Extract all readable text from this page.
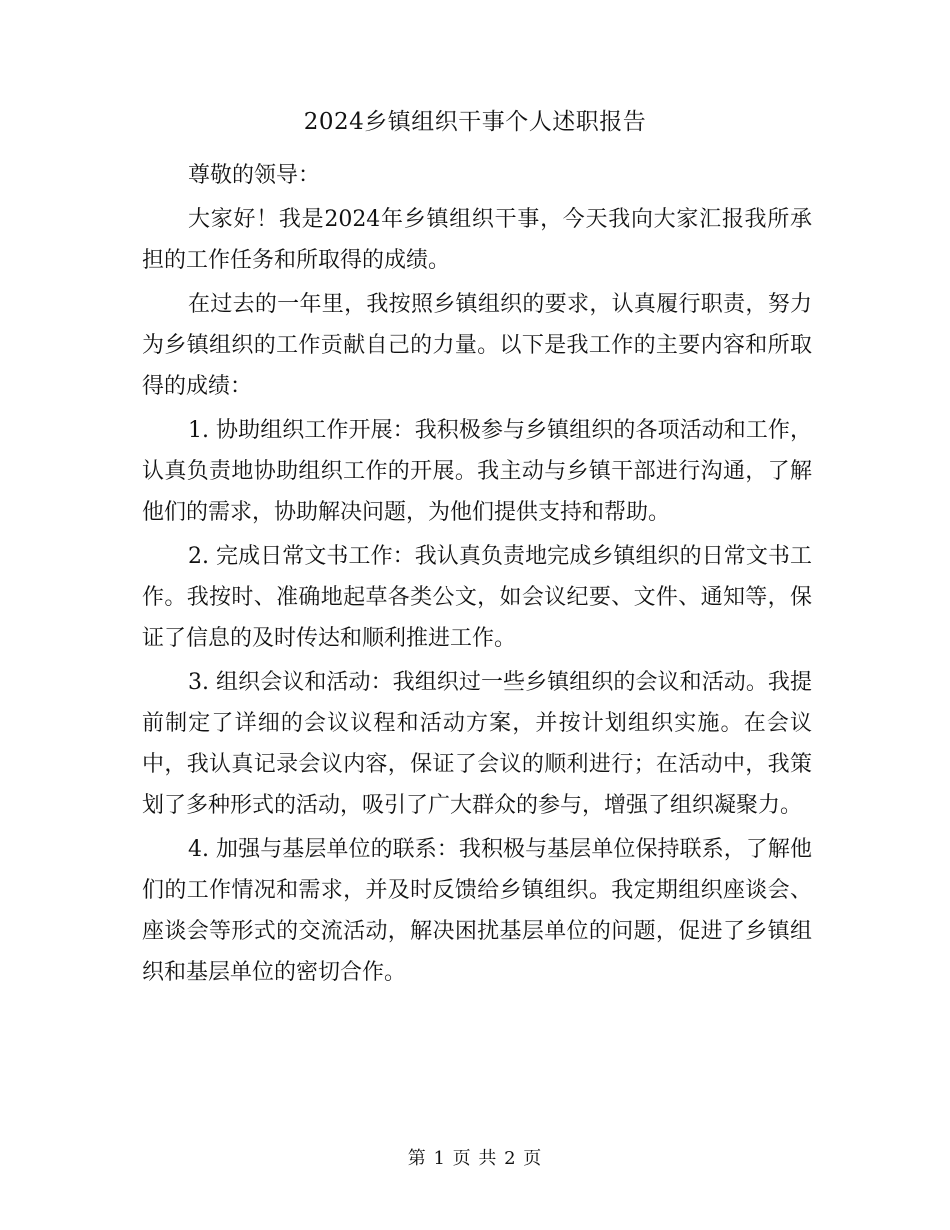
2024乡镇组织干事个人述职报告

尊敬的领导：

大家好！我是2024年乡镇组织干事，今天我向大家汇报我所承担的工作任务和所取得的成绩。

在过去的一年里，我按照乡镇组织的要求，认真履行职责，努力为乡镇组织的工作贡献自己的力量。以下是我工作的主要内容和所取得的成绩：

1. 协助组织工作开展：我积极参与乡镇组织的各项活动和工作，认真负责地协助组织工作的开展。我主动与乡镇干部进行沟通，了解他们的需求，协助解决问题，为他们提供支持和帮助。

2. 完成日常文书工作：我认真负责地完成乡镇组织的日常文书工作。我按时、准确地起草各类公文，如会议纪要、文件、通知等，保证了信息的及时传达和顺利推进工作。

3. 组织会议和活动：我组织过一些乡镇组织的会议和活动。我提前制定了详细的会议议程和活动方案，并按计划组织实施。在会议中，我认真记录会议内容，保证了会议的顺利进行；在活动中，我策划了多种形式的活动，吸引了广大群众的参与，增强了组织凝聚力。

4. 加强与基层单位的联系：我积极与基层单位保持联系，了解他们的工作情况和需求，并及时反馈给乡镇组织。我定期组织座谈会、座谈会等形式的交流活动，解决困扰基层单位的问题，促进了乡镇组织和基层单位的密切合作。

第 1 页 共 2 页
